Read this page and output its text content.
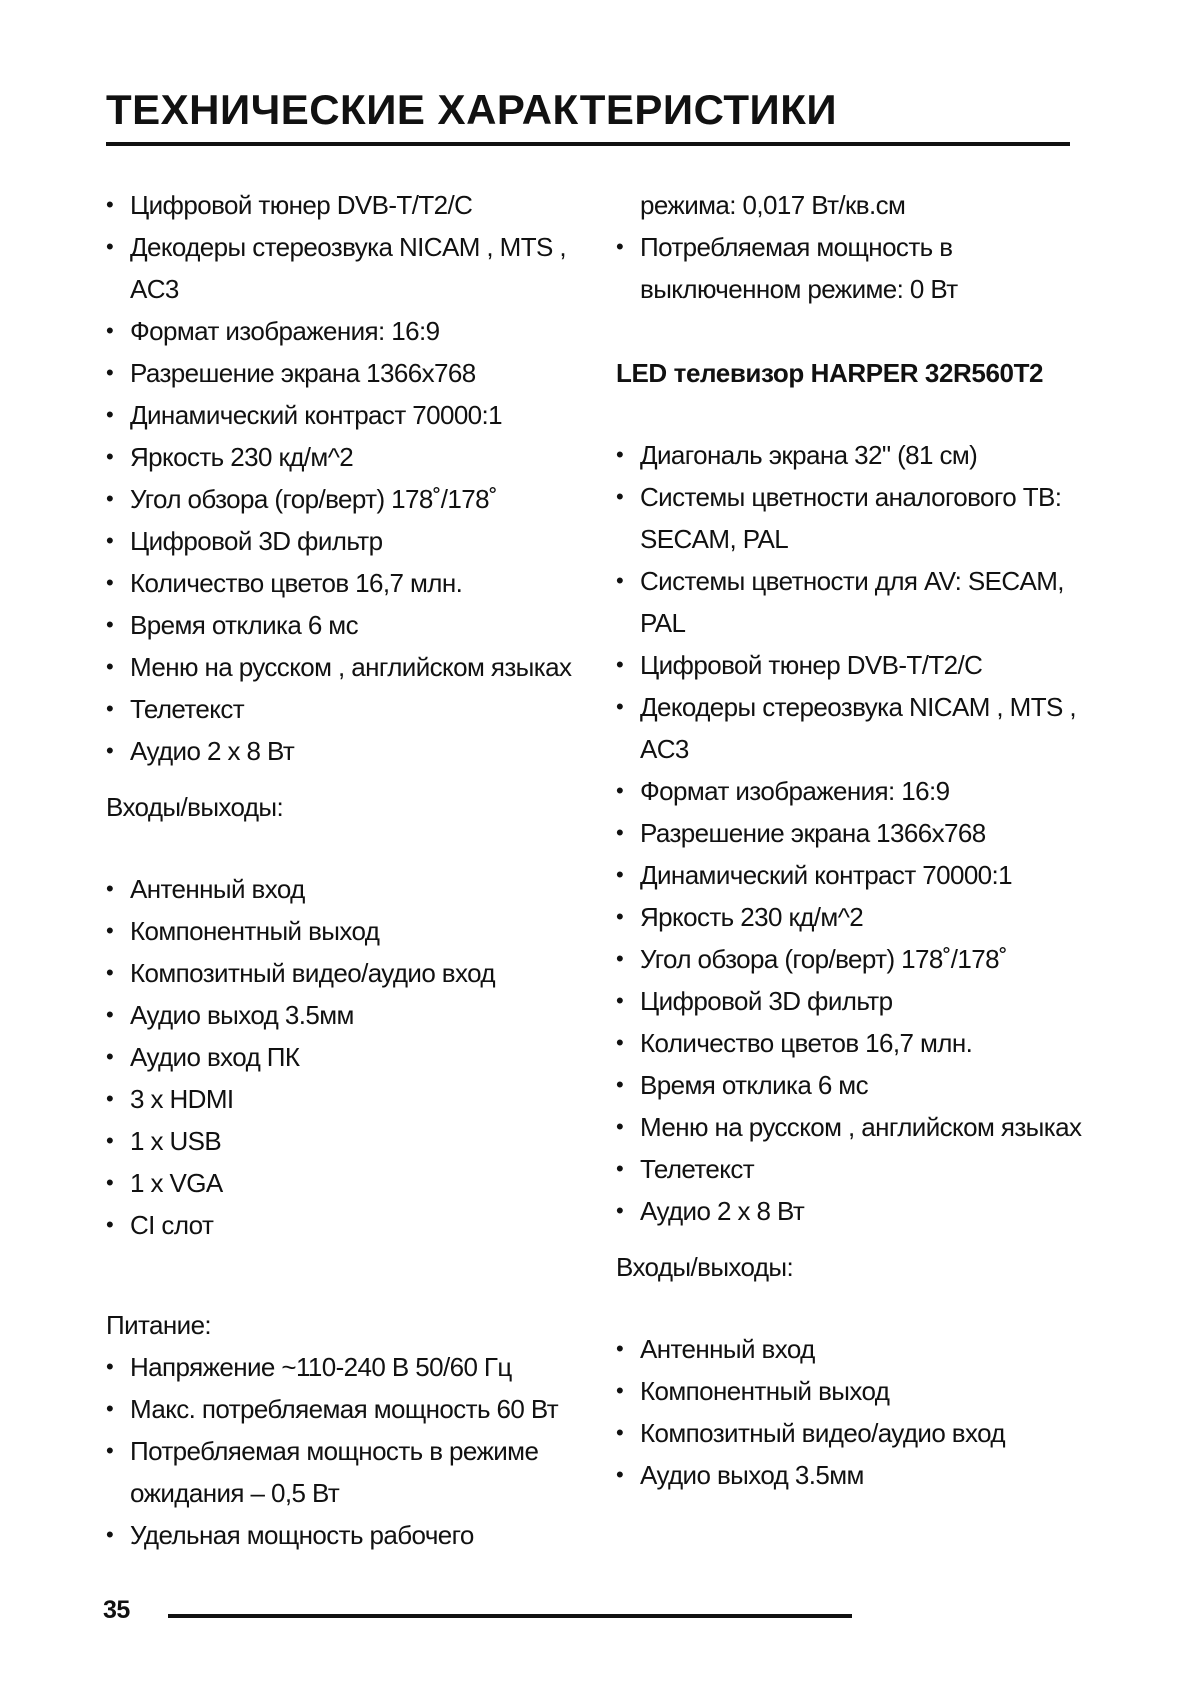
ТЕХНИЧЕСКИЕ ХАРАКТЕРИСТИКИ
• Цифровой тюнер DVB-T/T2/C
• Декодеры стереозвука NICAM , MTS , AC3
• Формат изображения: 16:9
• Разрешение экрана 1366x768
• Динамический контраст 70000:1
• Яркость 230 кд/м^2
• Угол обзора (гор/верт) 178˚/178˚
• Цифровой 3D фильтр
• Количество цветов 16,7 млн.
• Время отклика 6 мс
• Меню на русском , английском языках
• Телетекст
• Аудио 2 x 8 Вт

Входы/выходы:

• Антенный вход
• Компонентный выход
• Композитный видео/аудио вход
• Аудио выход 3.5мм
• Аудио вход ПК
• 3 x HDMI
• 1 x USB
• 1 x VGA
• CI слот

Питание:

• Напряжение ~110-240 В 50/60 Гц
• Макс. потребляемая мощность 60 Вт
• Потребляемая мощность в режиме ожидания – 0,5 Вт
• Удельная мощность рабочего

режима: 0,017 Вт/кв.см

• Потребляемая мощность в выключенном режиме: 0 Вт
LED телевизор HARPER 32R560T2
• Диагональ экрана 32" (81 см)
• Системы цветности аналогового ТВ: SECAM, PAL
• Системы цветности для AV: SECAM, PAL
• Цифровой тюнер DVB-T/T2/C
• Декодеры стереозвука NICAM , MTS , AC3
• Формат изображения: 16:9
• Разрешение экрана 1366x768
• Динамический контраст 70000:1
• Яркость 230 кд/м^2
• Угол обзора (гор/верт) 178˚/178˚
• Цифровой 3D фильтр
• Количество цветов 16,7 млн.
• Время отклика 6 мс
• Меню на русском , английском языках
• Телетекст
• Аудио 2 x 8 Вт

Входы/выходы:

• Антенный вход
• Компонентный выход
• Композитный видео/аудио вход
• Аудио выход 3.5мм
35
